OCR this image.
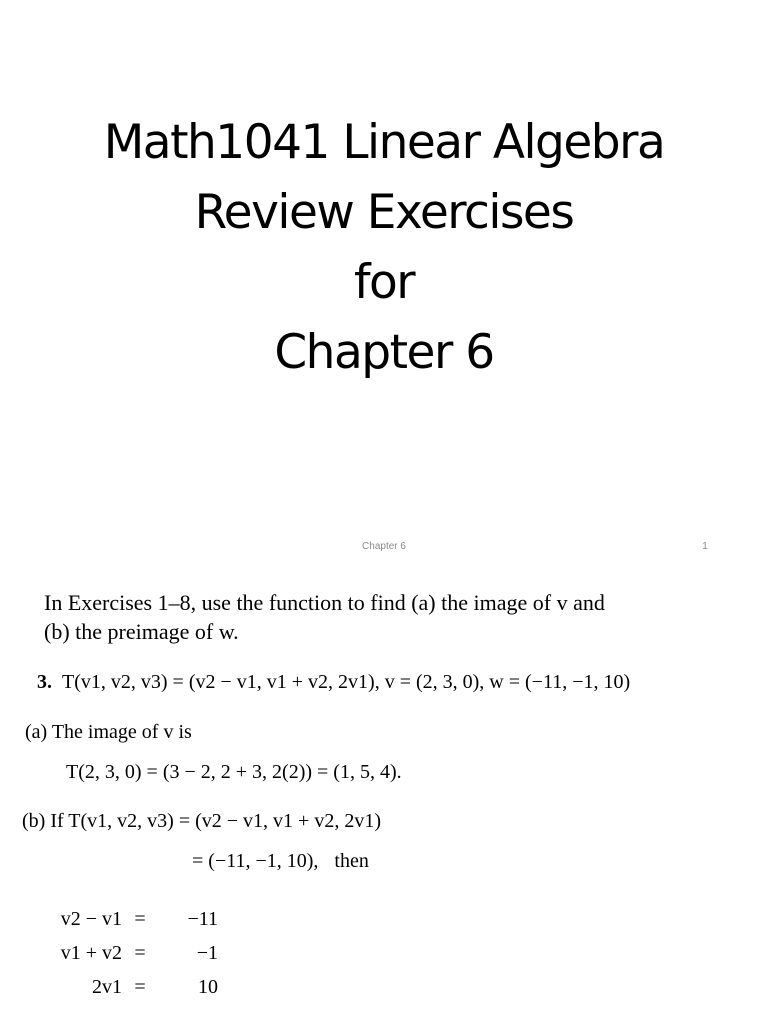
Math1041 Linear Algebra
Review Exercises
for
Chapter 6
Chapter 6	1
In Exercises 1–8, use the function to find (a) the image of v and
(b) the preimage of w.
3. T(v1, v2, v3) = (v2 − v1, v1 + v2, 2v1), v = (2, 3, 0), w = (−11, −1, 10)
(a) The image of v is
T(2, 3, 0) = (3 − 2, 2 + 3, 2(2)) = (1, 5, 4).
(b) If T(v1, v2, v3) = (v2 − v1, v1 + v2, 2v1)
= (−11, −1, 10), then
v2 − v1 =	−11
v1 + v2 =	−1
2v1 =	10
